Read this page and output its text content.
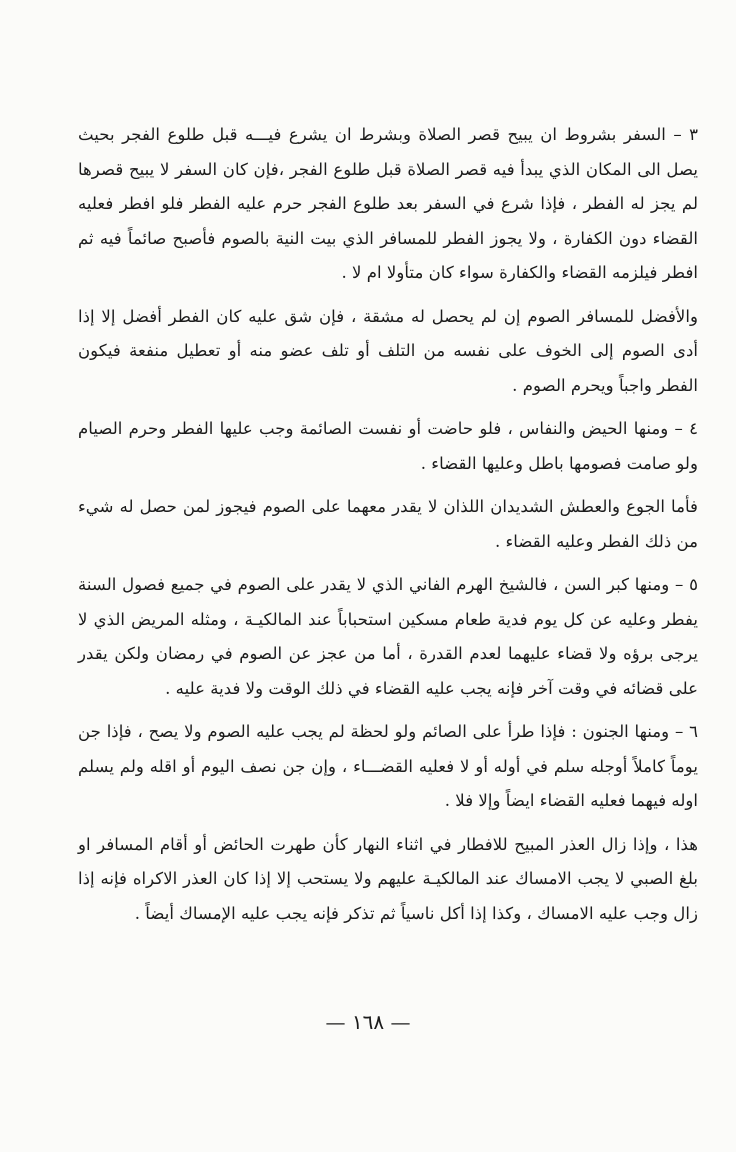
٣ – السفر بشروط ان يبيح قصر الصلاة وبشرط ان يشرع فيـــه قبل طلوع الفجر بحيث يصل الى المكان الذي يبدأ فيه قصر الصلاة قبل طلوع الفجر ،فإن كان السفر لا يبيح قصرها لم يجز له الفطر ، فإذا شرع في السفر بعد طلوع الفجر حرم عليه الفطر فلو افطر فعليه القضاء دون الكفارة ، ولا يجوز الفطر للمسافر الذي بيت النية بالصوم فأصبح صائماً فيه ثم افطر فيلزمه القضاء والكفارة سواء كان متأولا ام لا .

والأفضل للمسافر الصوم إن لم يحصل له مشقة ، فإن شق عليه كان الفطر أفضل إلا إذا أدى الصوم إلى الخوف على نفسه من التلف أو تلف عضو منه أو تعطيل منفعة فيكون الفطر واجباً ويحرم الصوم .

٤ – ومنها الحيض والنفاس ، فلو حاضت أو نفست الصائمة وجب عليها الفطر وحرم الصيام ولو صامت فصومها باطل وعليها القضاء .

فأما الجوع والعطش الشديدان اللذان لا يقدر معهما على الصوم فيجوز لمن حصل له شيء من ذلك الفطر وعليه القضاء .

٥ – ومنها كبر السن ، فالشيخ الهرم الفاني الذي لا يقدر على الصوم في جميع فصول السنة يفطر وعليه عن كل يوم فدية طعام مسكين استحباباً عند المالكيـة ، ومثله المريض الذي لا يرجى برؤه ولا قضاء عليهما لعدم القدرة ، أما من عجز عن الصوم في رمضان ولكن يقدر على قضائه في وقت آخر فإنه يجب عليه القضاء في ذلك الوقت ولا فدية عليه .

٦ – ومنها الجنون : فإذا طرأ على الصائم ولو لحظة لم يجب عليه الصوم ولا يصح ، فإذا جن يوماً كاملاً أوجله سلم في أوله أو لا فعليه القضـــاء ، وإن جن نصف اليوم أو اقله ولم يسلم اوله فيهما فعليه القضاء ايضاً وإلا فلا .

هذا ، وإذا زال العذر المبيح للافطار في اثناء النهار كأن طهرت الحائض أو أقام المسافر او بلغ الصبي لا يجب الامساك عند المالكيـة عليهم ولا يستحب إلا إذا كان العذر الاكراه فإنه إذا زال وجب عليه الامساك ، وكذا إذا أكل ناسياً ثم تذكر فإنه يجب عليه الإمساك أيضاً .

— ١٦٨ —
